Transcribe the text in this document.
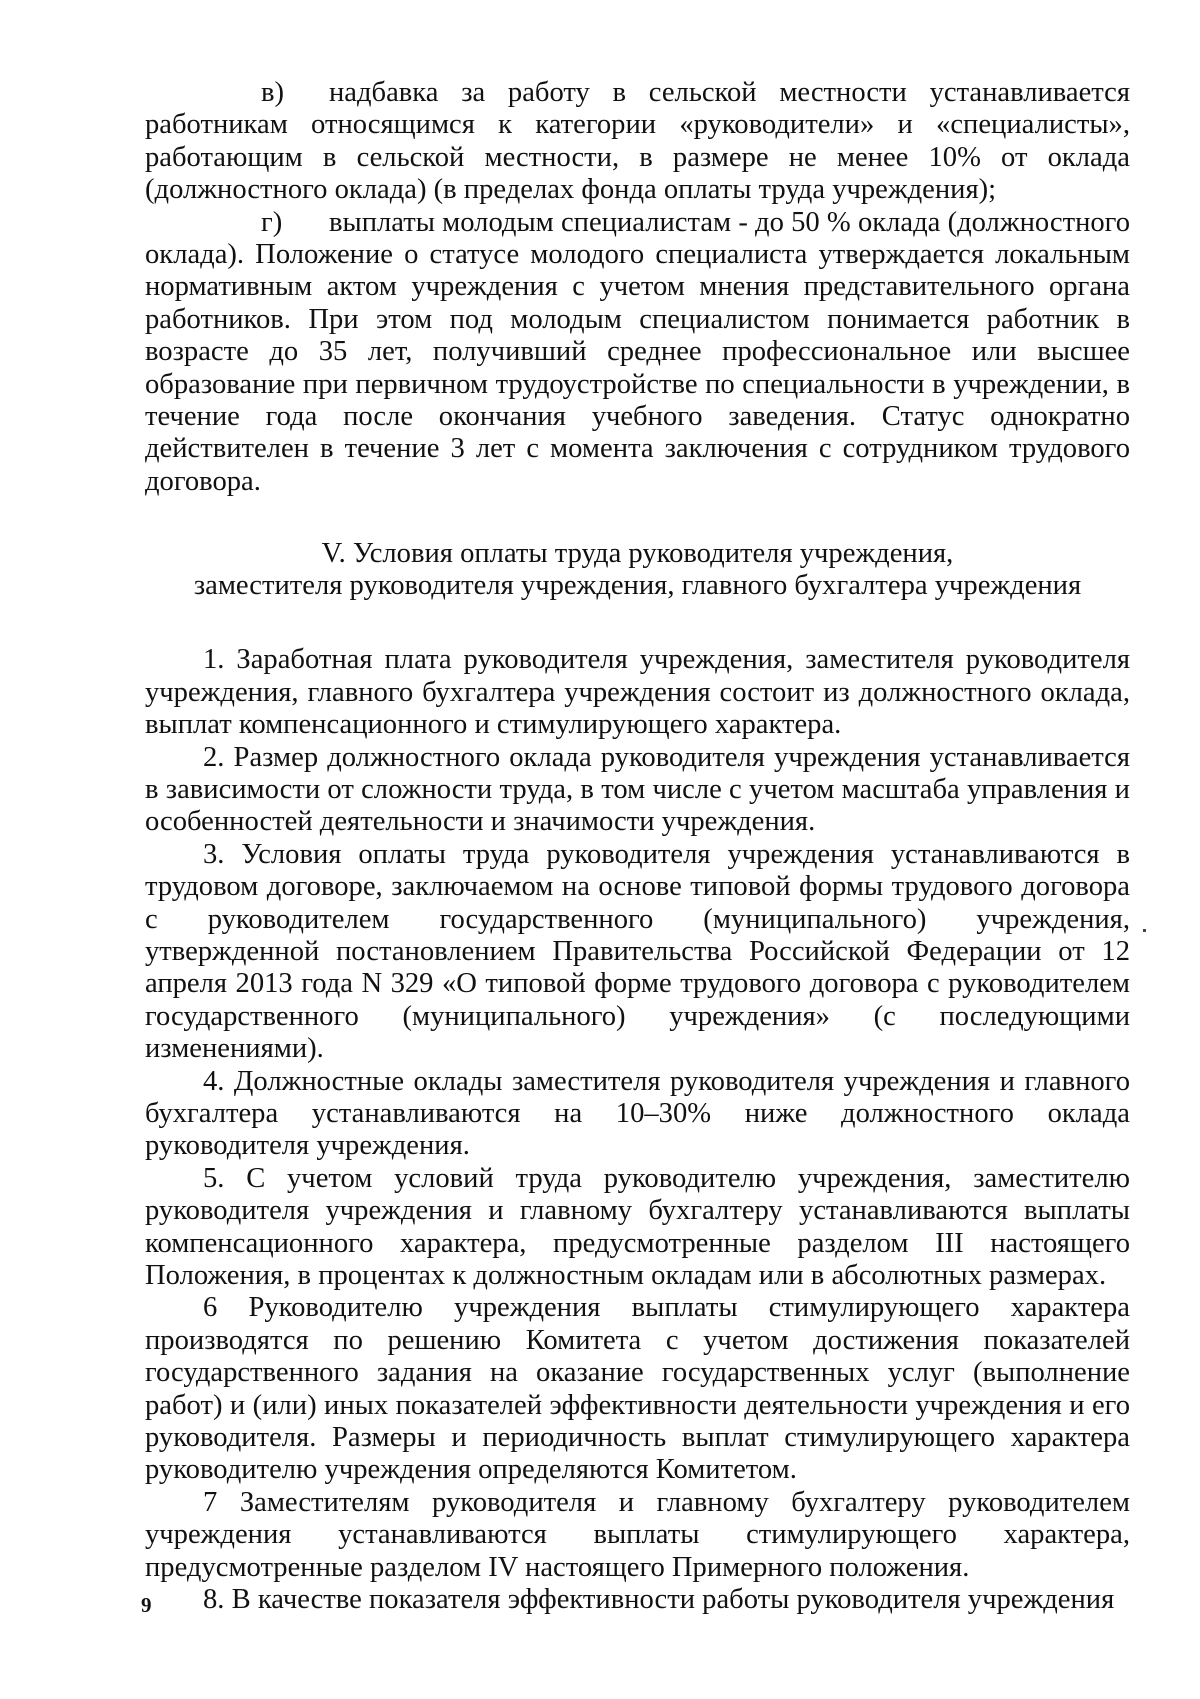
в) надбавка за работу в сельской местности устанавливается работникам относящимся к категории «руководители» и «специалисты», работающим в сельской местности, в размере не менее 10% от оклада (должностного оклада) (в пределах фонда оплаты труда учреждения);

г) выплаты молодым специалистам - до 50 % оклада (должностного оклада). Положение о статусе молодого специалиста утверждается локальным нормативным актом учреждения с учетом мнения представительного органа работников. При этом под молодым специалистом понимается работник в возрасте до 35 лет, получивший среднее профессиональное или высшее образование при первичном трудоустройстве по специальности в учреждении, в течение года после окончания учебного заведения. Статус однократно действителен в течение 3 лет с момента заключения с сотрудником трудового договора.

V. Условия оплаты труда руководителя учреждения,
заместителя руководителя учреждения, главного бухгалтера учреждения

1. Заработная плата руководителя учреждения, заместителя руководителя учреждения, главного бухгалтера учреждения состоит из должностного оклада, выплат компенсационного и стимулирующего характера.

2. Размер должностного оклада руководителя учреждения устанавливается в зависимости от сложности труда, в том числе с учетом масштаба управления и особенностей деятельности и значимости учреждения.

3. Условия оплаты труда руководителя учреждения устанавливаются в трудовом договоре, заключаемом на основе типовой формы трудового договора с руководителем государственного (муниципального) учреждения, утвержденной постановлением Правительства Российской Федерации от 12 апреля 2013 года N 329 «О типовой форме трудового договора с руководителем государственного (муниципального) учреждения» (с последующими изменениями).

4. Должностные оклады заместителя руководителя учреждения и главного бухгалтера устанавливаются на 10–30% ниже должностного оклада руководителя учреждения.

5. С учетом условий труда руководителю учреждения, заместителю руководителя учреждения и главному бухгалтеру устанавливаются выплаты компенсационного характера, предусмотренные разделом III настоящего Положения, в процентах к должностным окладам или в абсолютных размерах.

6 Руководителю учреждения выплаты стимулирующего характера производятся по решению Комитета с учетом достижения показателей государственного задания на оказание государственных услуг (выполнение работ) и (или) иных показателей эффективности деятельности учреждения и его руководителя. Размеры и периодичность выплат стимулирующего характера руководителю учреждения определяются Комитетом.

7 Заместителям руководителя и главному бухгалтеру руководителем учреждения устанавливаются выплаты стимулирующего характера, предусмотренные разделом IV настоящего Примерного положения.

8. В качестве показателя эффективности работы руководителя учреждения

9
